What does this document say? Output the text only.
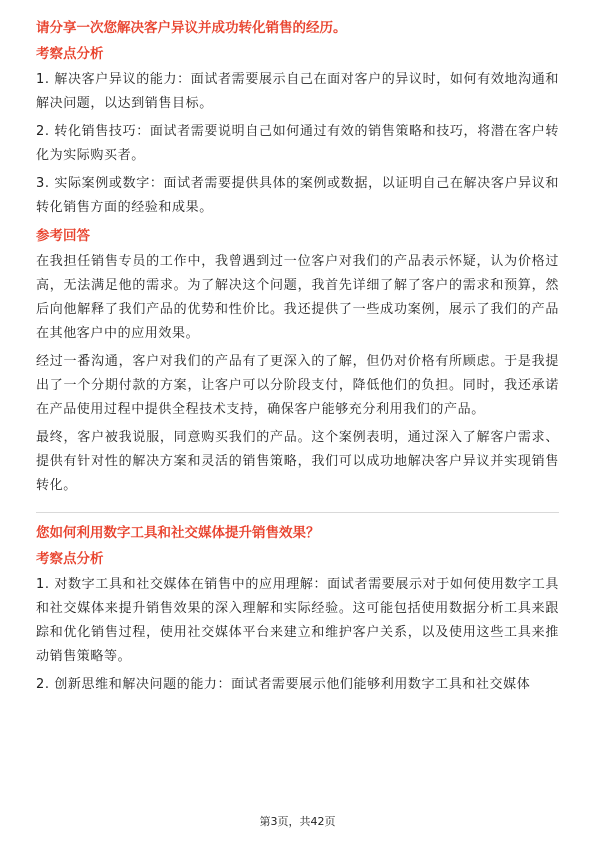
请分享一次您解决客户异议并成功转化销售的经历。

考察点分析

1. 解决客户异议的能力：面试者需要展示自己在面对客户的异议时，如何有效地沟通和解决问题，以达到销售目标。

2. 转化销售技巧：面试者需要说明自己如何通过有效的销售策略和技巧，将潜在客户转化为实际购买者。

3. 实际案例或数字：面试者需要提供具体的案例或数据，以证明自己在解决客户异议和转化销售方面的经验和成果。

参考回答

在我担任销售专员的工作中，我曾遇到过一位客户对我们的产品表示怀疑，认为价格过高，无法满足他的需求。为了解决这个问题，我首先详细了解了客户的需求和预算，然后向他解释了我们产品的优势和性价比。我还提供了一些成功案例，展示了我们的产品在其他客户中的应用效果。

经过一番沟通，客户对我们的产品有了更深入的了解，但仍对价格有所顾虑。于是我提出了一个分期付款的方案，让客户可以分阶段支付，降低他们的负担。同时，我还承诺在产品使用过程中提供全程技术支持，确保客户能够充分利用我们的产品。

最终，客户被我说服，同意购买我们的产品。这个案例表明，通过深入了解客户需求、提供有针对性的解决方案和灵活的销售策略，我们可以成功地解决客户异议并实现销售转化。

您如何利用数字工具和社交媒体提升销售效果？

考察点分析

1. 对数字工具和社交媒体在销售中的应用理解：面试者需要展示对于如何使用数字工具和社交媒体来提升销售效果的深入理解和实际经验。这可能包括使用数据分析工具来跟踪和优化销售过程，使用社交媒体平台来建立和维护客户关系，以及使用这些工具来推动销售策略等。

2. 创新思维和解决问题的能力：面试者需要展示他们能够利用数字工具和社交媒体

第3页，共42页
